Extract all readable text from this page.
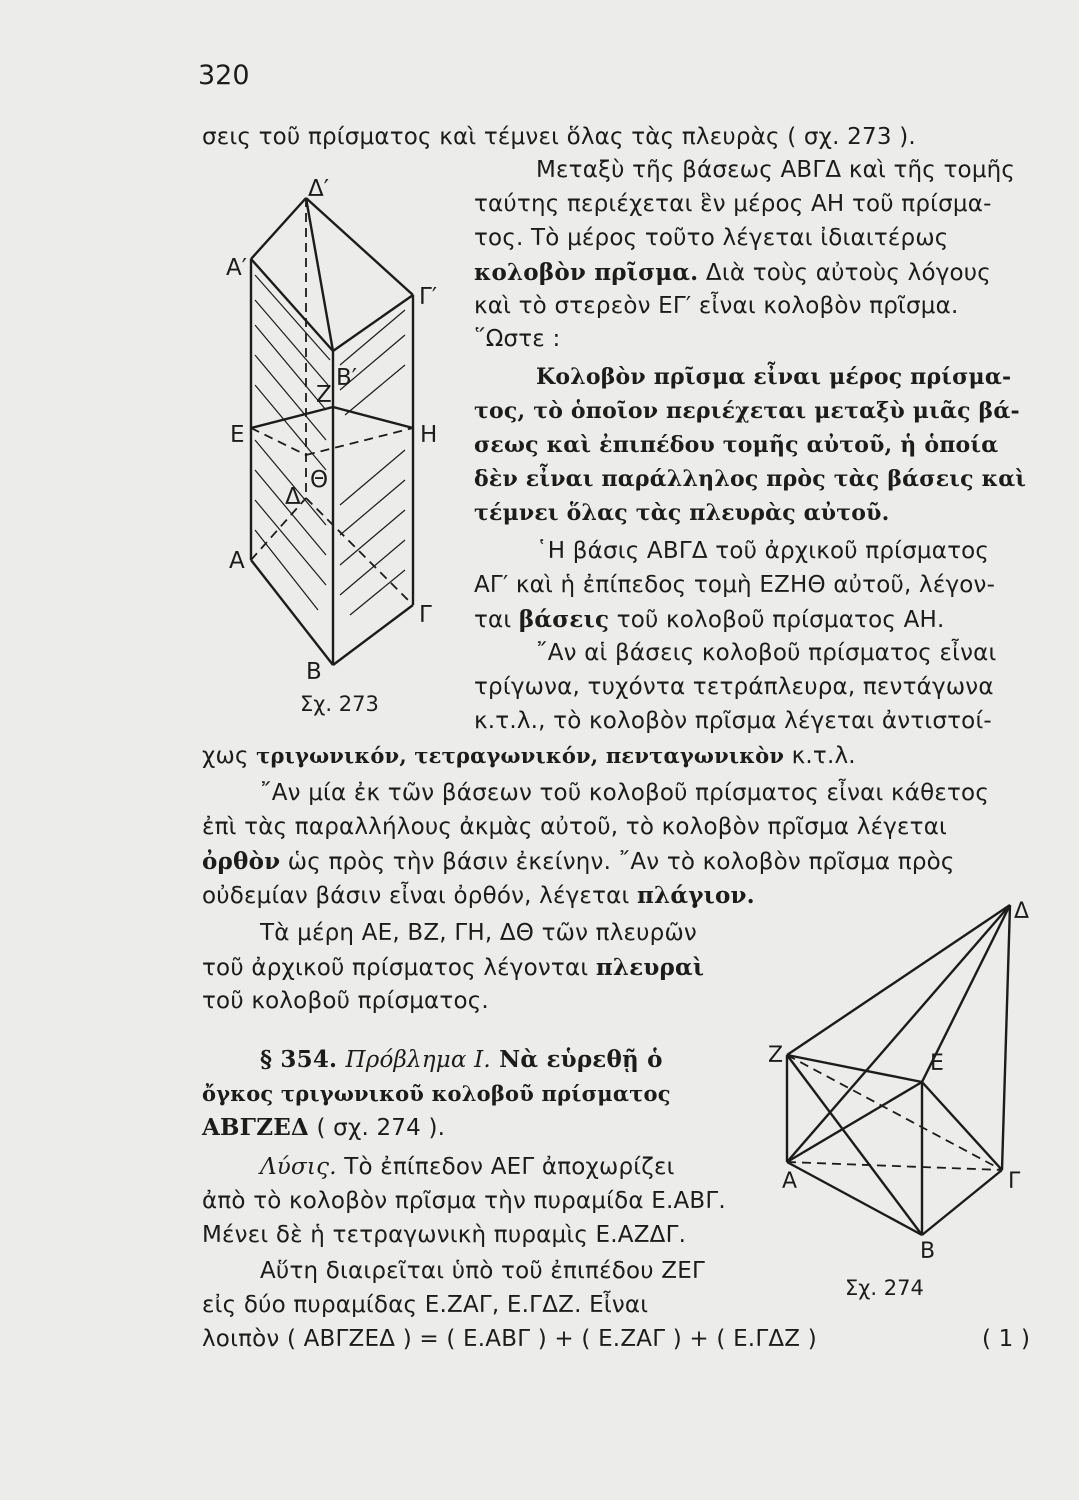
320
Δ′
Α′
Γ′
Β′
Ζ
Ε	Η
Θ
Δ
Α
Γ
Β
Σχ. 273
Δ
Ζ	Ε
Α	Γ
Β
Σχ. 274
σεις τοῦ πρίσματος καὶ τέμνει ὅλας τὰς πλευρὰς ( σχ. 273 ).
Μεταξὺ τῆς βάσεως ΑΒΓΔ καὶ τῆς τομῆς
ταύτης περιέχεται ἓν μέρος ΑΗ τοῦ πρίσμα-
τος. Τὸ μέρος τοῦτο λέγεται ἰδιαιτέρως
κολοβὸν πρῖσμα. Διὰ τοὺς αὐτοὺς λόγους
καὶ τὸ στερεὸν ΕΓ′ εἶναι κολοβὸν πρῖσμα.
῞Ωστε :
Κολοβὸν πρῖσμα εἶναι μέρος πρίσμα-
τος, τὸ ὁποῖον περιέχεται μεταξὺ μιᾶς βά-
σεως καὶ ἐπιπέδου τομῆς αὐτοῦ, ἡ ὁποία
δὲν εἶναι παράλληλος πρὸς τὰς βάσεις καὶ
τέμνει ὅλας τὰς πλευρὰς αὐτοῦ.
῾Η βάσις ΑΒΓΔ τοῦ ἀρχικοῦ πρίσματος
ΑΓ′ καὶ ἡ ἐπίπεδος τομὴ ΕΖΗΘ αὐτοῦ, λέγον-
ται βάσεις τοῦ κολοβοῦ πρίσματος ΑΗ.
῎Αν αἱ βάσεις κολοβοῦ πρίσματος εἶναι
τρίγωνα, τυχόντα τετράπλευρα, πεντάγωνα
κ.τ.λ., τὸ κολοβὸν πρῖσμα λέγεται ἀντιστοί-
χως τριγωνικόν, τετραγωνικόν, πενταγωνικὸν κ.τ.λ.
῎Αν μία ἐκ τῶν βάσεων τοῦ κολοβοῦ πρίσματος εἶναι κάθετος
ἐπὶ τὰς παραλλήλους ἀκμὰς αὐτοῦ, τὸ κολοβὸν πρῖσμα λέγεται
ὀρθὸν ὡς πρὸς τὴν βάσιν ἐκείνην. ῎Αν τὸ κολοβὸν πρῖσμα πρὸς
οὐδεμίαν βάσιν εἶναι ὀρθόν, λέγεται πλάγιον.
Τὰ μέρη ΑΕ, ΒΖ, ΓΗ, ΔΘ τῶν πλευρῶν
τοῦ ἀρχικοῦ πρίσματος λέγονται πλευραὶ
τοῦ κολοβοῦ πρίσματος.
§ 354. Πρόβλημα Ι. Νὰ εὑρεθῇ ὁ
ὄγκος τριγωνικοῦ κολοβοῦ πρίσματος
ΑΒΓΖΕΔ ( σχ. 274 ).
Λύσις. Τὸ ἐπίπεδον ΑΕΓ ἀποχωρίζει
ἀπὸ τὸ κολοβὸν πρῖσμα τὴν πυραμίδα Ε.ΑΒΓ.
Μένει δὲ ἡ τετραγωνικὴ πυραμὶς Ε.ΑΖΔΓ.
Αὕτη διαιρεῖται ὑπὸ τοῦ ἐπιπέδου ΖΕΓ
εἰς δύο πυραμίδας Ε.ΖΑΓ, Ε.ΓΔΖ. Εἶναι
λοιπὸν ( ΑΒΓΖΕΔ ) = ( Ε.ΑΒΓ ) + ( Ε.ΖΑΓ ) + ( Ε.ΓΔΖ )	( 1 )
